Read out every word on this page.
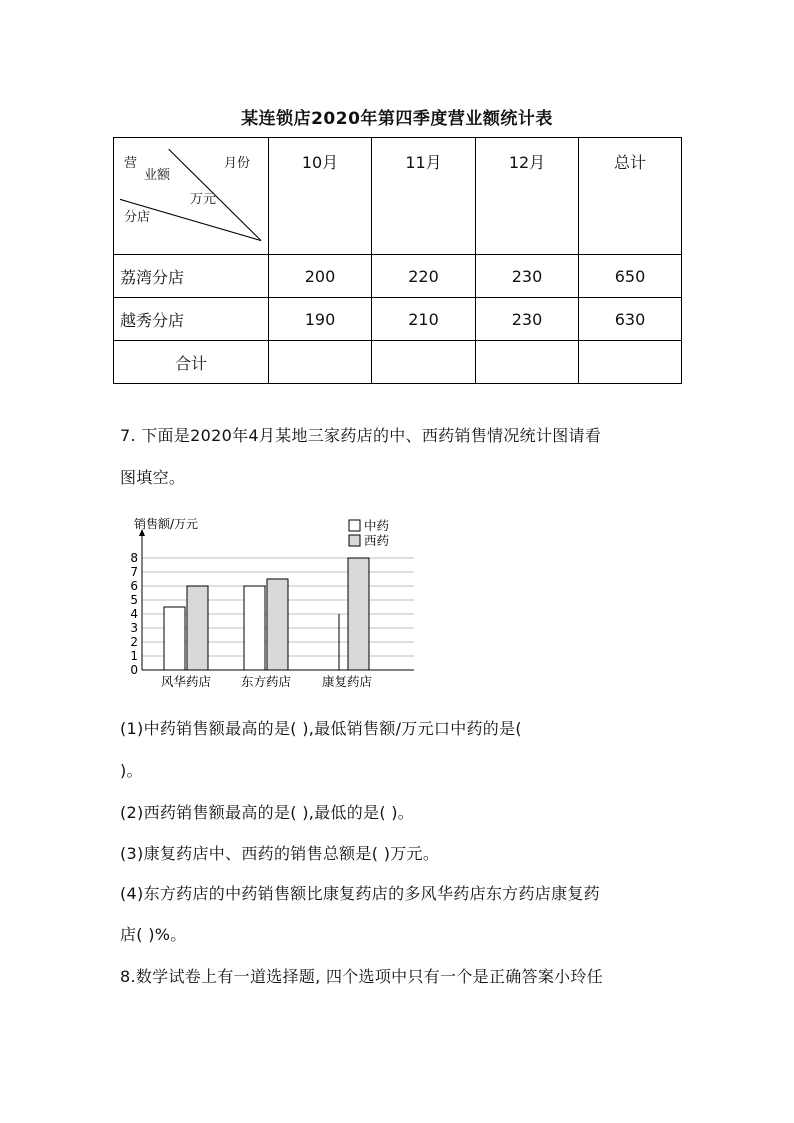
某连锁店2020年第四季度营业额统计表
营
业额
月份
万元
分店	10月	11月	12月	总计
荔湾分店	200	220	230	650
越秀分店	190	210	230	630
合计				
7. 下面是2020年4月某地三家药店的中、西药销售情况统计图请看
图填空。
0
1
2
3
4
5
6
7
8
销售额/万元
风华药店 东方药店 康复药店
中药
西药
(1)中药销售额最高的是( ),最低销售额/万元口中药的是(
)。
(2)西药销售额最高的是( ),最低的是( )。
(3)康复药店中、西药的销售总额是( )万元。
(4)东方药店的中药销售额比康复药店的多风华药店东方药店康复药
店( )%。
8.数学试卷上有一道选择题, 四个选项中只有一个是正确答案小玲任
